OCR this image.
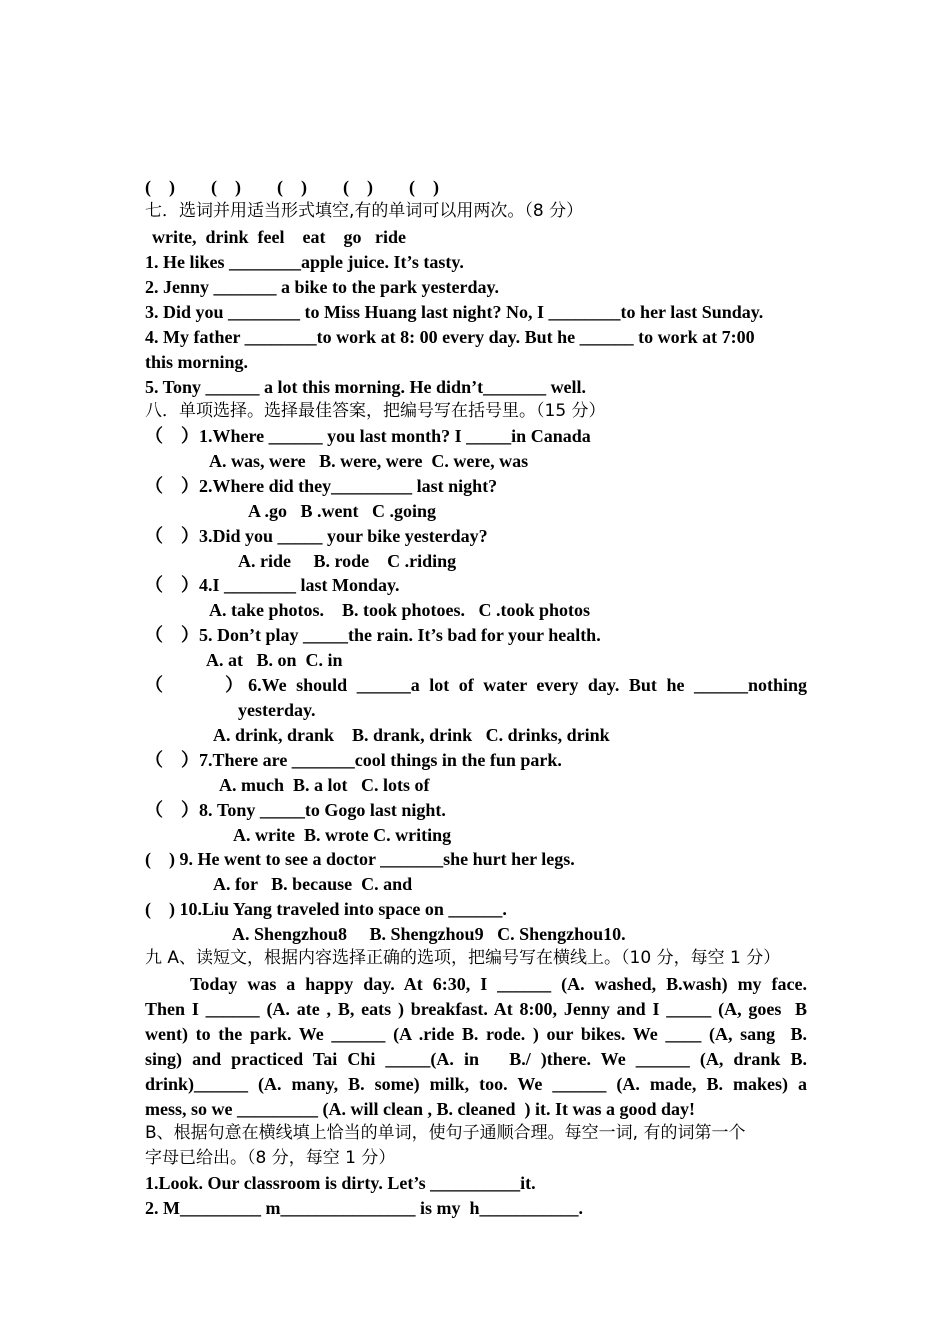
(    )        (    )        (    )        (    )        (    )
七．选词并用适当形式填空,有的单词可以用两次。（8 分）
write,  drink  feel    eat    go   ride
1. He likes ________apple juice. It’s tasty.
2. Jenny _______ a bike to the park yesterday.
3. Did you ________ to Miss Huang last night? No, I ________to her last Sunday.
4. My father ________to work at 8: 00 every day. But he ______ to work at 7:00
this morning.
5. Tony ______ a lot this morning. He didn’t_______ well.
八．单项选择。选择最佳答案，把编号写在括号里。（15 分）
（    ）1.Where ______ you last month? I _____in Canada
A. was, were   B. were, were  C. were, was
（    ）2.Where did they_________ last night?
A .go   B .went   C .going
（    ）3.Did you _____ your bike yesterday?
A. ride     B. rode    C .riding
（    ）4.I ________ last Monday.
A. take photos.    B. took photoes.   C .took photos
（    ）5. Don’t play _____the rain. It’s bad for your health.
A. at   B. on  C. in
（      ）6.We should ______a lot of water every day. But he ______nothing
yesterday.
A. drink, drank    B. drank, drink   C. drinks, drink
（    ）7.There are _______cool things in the fun park.
A. much  B. a lot   C. lots of
（    ）8. Tony _____to Gogo last night.
A. write  B. wrote C. writing
(    ) 9. He went to see a doctor _______she hurt her legs.
A. for   B. because  C. and
(    ) 10.Liu Yang traveled into space on ______.
A. Shengzhou8     B. Shengzhou9   C. Shengzhou10.
九 A、读短文，根据内容选择正确的选项，把编号写在横线上。（10 分，每空 1 分）
Today was a happy day. At 6:30, I ______ (A. washed, B.wash) my face.
Then I ______ (A. ate , B, eats ) breakfast. At 8:00, Jenny and I _____ (A, goes  B
went) to the park. We ______ (A .ride B. rode. ) our bikes. We ____ (A, sang  B.
sing) and practiced Tai Chi _____(A. in   B./ )there. We ______ (A, drank B.
drink)______ (A. many, B. some) milk, too. We ______ (A. made, B. makes) a
mess, so we _________ (A. will clean , B. cleaned  ) it. It was a good day!
B、根据句意在横线填上恰当的单词，使句子通顺合理。每空一词, 有的词第一个
字母已给出。（8 分，每空 1 分）
1.Look. Our classroom is dirty. Let’s __________it.
2. M_________ m_______________ is my  h___________.
